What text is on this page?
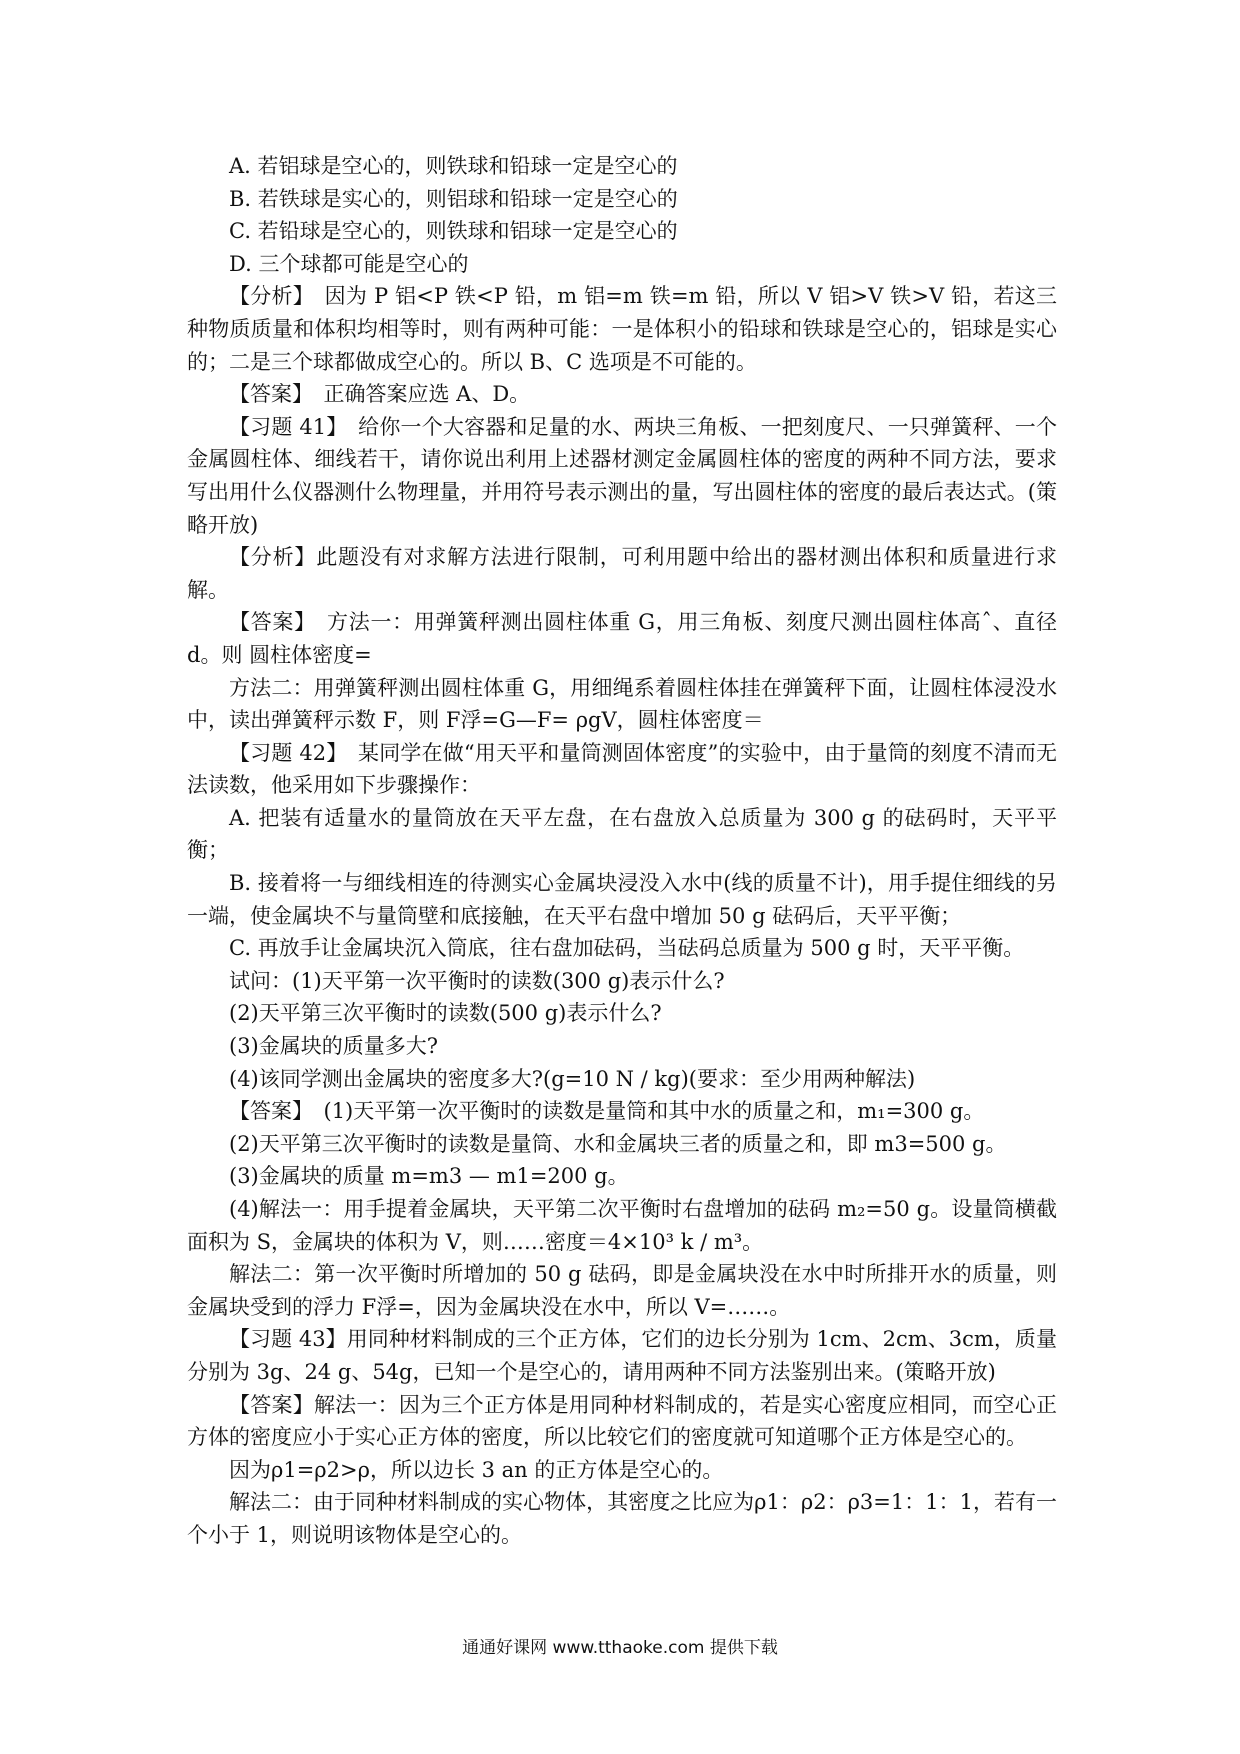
A. 若铝球是空心的，则铁球和铅球一定是空心的

B. 若铁球是实心的，则铝球和铅球一定是空心的

C. 若铅球是空心的，则铁球和铝球一定是空心的

D. 三个球都可能是空心的

【分析】　因为 P 铝<P 铁<P 铅，m 铝=m 铁=m 铅，所以 V 铝>V 铁>V 铅，若这三种物质质量和体积均相等时，则有两种可能：一是体积小的铅球和铁球是空心的，铝球是实心的；二是三个球都做成空心的。所以 B、C 选项是不可能的。

【答案】　正确答案应选 A、D。

【习题 41】　给你一个大容器和足量的水、两块三角板、一把刻度尺、一只弹簧秤、一个金属圆柱体、细线若干，请你说出利用上述器材测定金属圆柱体的密度的两种不同方法，要求写出用什么仪器测什么物理量，并用符号表示测出的量，写出圆柱体的密度的最后表达式。(策略开放)

【分析】此题没有对求解方法进行限制，可利用题中给出的器材测出体积和质量进行求解。

【答案】　方法一：用弹簧秤测出圆柱体重 G，用三角板、刻度尺测出圆柱体高ˆ、直径 d。则 圆柱体密度=

方法二：用弹簧秤测出圆柱体重 G，用细绳系着圆柱体挂在弹簧秤下面，让圆柱体浸没水中，读出弹簧秤示数 F，则 F浮=G—F= ρgV，圆柱体密度＝

【习题 42】　某同学在做“用天平和量筒测固体密度”的实验中，由于量筒的刻度不清而无法读数，他采用如下步骤操作：

A. 把装有适量水的量筒放在天平左盘，在右盘放入总质量为 300 g 的砝码时，天平平衡；

B. 接着将一与细线相连的待测实心金属块浸没入水中(线的质量不计)，用手提住细线的另一端，使金属块不与量筒壁和底接触，在天平右盘中增加 50 g 砝码后，天平平衡；

C. 再放手让金属块沉入筒底，往右盘加砝码，当砝码总质量为 500 g 时，天平平衡。

试问：(1)天平第一次平衡时的读数(300 g)表示什么?

(2)天平第三次平衡时的读数(500 g)表示什么?

(3)金属块的质量多大?

(4)该同学测出金属块的密度多大?(g=10 N / kg)(要求：至少用两种解法)

【答案】　(1)天平第一次平衡时的读数是量筒和其中水的质量之和，m₁=300 g。

(2)天平第三次平衡时的读数是量筒、水和金属块三者的质量之和，即 m3=500 g。

(3)金属块的质量 m=m3 — m1=200 g。

(4)解法一：用手提着金属块，天平第二次平衡时右盘增加的砝码 m₂=50 g。设量筒横截面积为 S，金属块的体积为 V，则……密度＝4×10³ k / m³。

解法二：第一次平衡时所增加的 50 g 砝码，即是金属块没在水中时所排开水的质量，则金属块受到的浮力 F浮=，因为金属块没在水中，所以 V=……。

【习题 43】用同种材料制成的三个正方体，它们的边长分别为 1cm、2cm、3cm，质量分别为 3g、24 g、54g，已知一个是空心的，请用两种不同方法鉴别出来。(策略开放)

【答案】解法一：因为三个正方体是用同种材料制成的，若是实心密度应相同，而空心正方体的密度应小于实心正方体的密度，所以比较它们的密度就可知道哪个正方体是空心的。

因为ρ1=ρ2>ρ，所以边长 3 an 的正方体是空心的。

解法二：由于同种材料制成的实心物体，其密度之比应为ρ1：ρ2：ρ3=1：1：1，若有一个小于 1，则说明该物体是空心的。

通通好课网 www.tthaoke.com 提供下载
